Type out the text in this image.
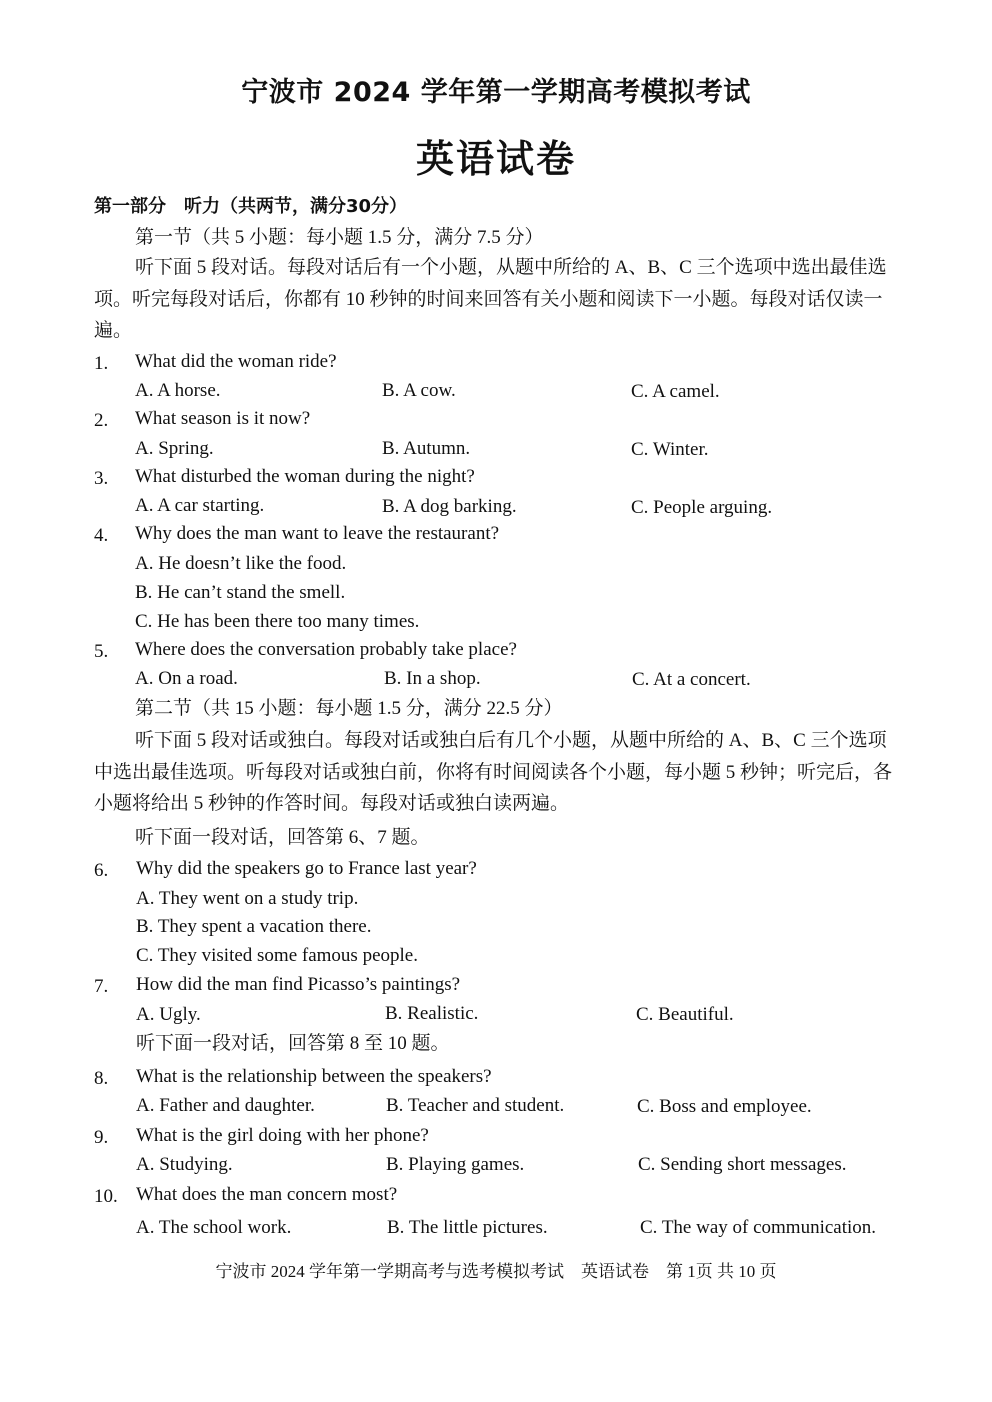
宁波市 2024 学年第一学期高考模拟考试
英语试卷
第一部分　听力（共两节，满分30分）
第一节（共 5 小题：每小题 1.5 分，满分 7.5 分）
听下面 5 段对话。每段对话后有一个小题，从题中所给的 A、B、C 三个选项中选出最佳选项。听完每段对话后，你都有 10 秒钟的时间来回答有关小题和阅读下一小题。每段对话仅读一遍。
1. What did the woman ride?
A. A horse.	B. A cow.	C. A camel.
2. What season is it now?
A. Spring.	B. Autumn.	C. Winter.
3. What disturbed the woman during the night?
A. A car starting.	B. A dog barking.	C. People arguing.
4. Why does the man want to leave the restaurant?
A. He doesn’t like the food.
B. He can’t stand the smell.
C. He has been there too many times.
5. Where does the conversation probably take place?
A. On a road.	B. In a shop.	C. At a concert.
第二节（共 15 小题：每小题 1.5 分，满分 22.5 分）
听下面 5 段对话或独白。每段对话或独白后有几个小题，从题中所给的 A、B、C 三个选项中选出最佳选项。听每段对话或独白前，你将有时间阅读各个小题，每小题 5 秒钟；听完后，各小题将给出 5 秒钟的作答时间。每段对话或独白读两遍。
听下面一段对话，回答第 6、7 题。
6. Why did the speakers go to France last year?
A. They went on a study trip.
B. They spent a vacation there.
C. They visited some famous people.
7. How did the man find Picasso’s paintings?
A. Ugly.	B. Realistic.	C. Beautiful.
听下面一段对话，回答第 8 至 10 题。
8. What is the relationship between the speakers?
A. Father and daughter.	B. Teacher and student.	C. Boss and employee.
9. What is the girl doing with her phone?
A. Studying.	B. Playing games.	C. Sending short messages.
10. What does the man concern most?
A. The school work.	B. The little pictures.	C. The way of communication.
宁波市 2024 学年第一学期高考与选考模拟考试　英语试卷　第 1页 共 10 页
